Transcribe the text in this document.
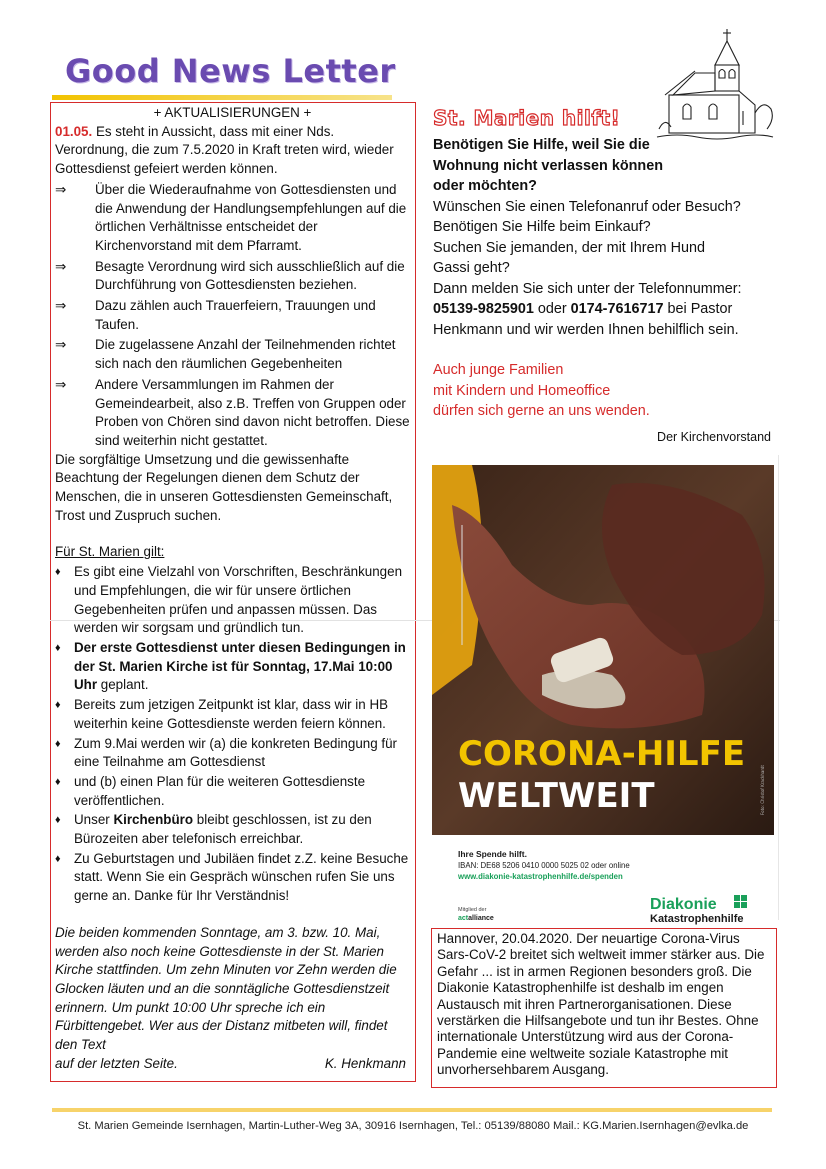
Good News Letter

+ AKTUALISIERUNGEN +

01.05. Es steht in Aussicht, dass mit einer Nds. Verordnung, die zum 7.5.2020 in Kraft treten wird, wieder Gottesdienst gefeiert werden können.

⇒	Über die Wiederaufnahme von Gottesdiensten und die Anwendung der Handlungsempfehlungen auf die örtlichen Verhältnisse entscheidet der Kirchenvorstand mit dem Pfarramt.
⇒	Besagte Verordnung wird sich ausschließlich auf die Durchführung von Gottesdiensten beziehen.
⇒	Dazu zählen auch Trauerfeiern, Trauungen und Taufen.
⇒	Die zugelassene Anzahl der Teilnehmenden richtet sich nach den räumlichen Gegebenheiten
⇒	Andere Versammlungen im Rahmen der Gemeindearbeit, also z.B. Treffen von Gruppen oder Proben von Chören sind davon nicht betroffen. Diese sind weiterhin nicht gestattet.

Die sorgfältige Umsetzung und die gewissenhafte Beachtung der Regelungen dienen dem Schutz der Menschen, die in unseren Gottesdiensten Gemeinschaft, Trost und Zuspruch suchen.

Für St. Marien gilt:

♦ Es gibt eine Vielzahl von Vorschriften, Beschränkungen und Empfehlungen, die wir für unsere örtlichen Gegebenheiten prüfen und anpassen müssen. Das werden wir sorgsam und gründlich tun.
♦ Der erste Gottesdienst unter diesen Bedingungen in der St. Marien Kirche ist für Sonntag, 17.Mai 10:00 Uhr geplant.
♦ Bereits zum jetzigen Zeitpunkt ist klar, dass wir in HB weiterhin keine Gottesdienste werden feiern können.
♦ Zum 9.Mai werden wir (a) die konkreten Bedingung für eine Teilnahme am Gottesdienst
♦ und (b) einen Plan für die weiteren Gottesdienste veröffentlichen.
♦ Unser Kirchenbüro bleibt geschlossen, ist zu den Bürozeiten aber telefonisch erreichbar.
♦ Zu Geburtstagen und Jubiläen findet z.Z. keine Besuche statt. Wenn Sie ein Gespräch wünschen rufen Sie uns gerne an. Danke für Ihr Verständnis!

Die beiden kommenden Sonntage, am 3. bzw. 10. Mai, werden also noch keine Gottesdienste in der St. Marien Kirche stattfinden. Um zehn Minuten vor Zehn werden die Glocken läuten und an die sonntägliche Gottesdienstzeit erinnern. Um punkt 10:00 Uhr spreche ich ein Fürbittengebet. Wer aus der Distanz mitbeten will, findet den Text

auf der letzten Seite.	K. Henkmann
St. Marien hilft!

Benötigen Sie Hilfe, weil Sie die Wohnung nicht verlassen können oder möchten?

Wünschen Sie einen Telefonanruf oder Besuch?

Benötigen Sie Hilfe beim Einkauf?

Suchen Sie jemanden, der mit Ihrem Hund Gassi geht?

Dann melden Sie sich unter der Telefonnummer:

05139-9825901 oder 0174-7616717 bei Pastor Henkmann und wir werden Ihnen behilflich sein.

Auch junge Familien

mit Kindern und Homeoffice

dürfen sich gerne an uns wenden.

Der Kirchenvorstand
CORONA-HILFE
WELTWEIT	Foto: Christof Krackhardt
Ihre Spende hilft.
IBAN: DE68 5206 0410 0000 5025 02 oder online
www.diakonie-katastrophenhilfe.de/spenden
Mitglied der
actalliance
Diakonie
Katastrophenhilfe
Hannover, 20.04.2020. Der neuartige Corona-Virus Sars-CoV-2 breitet sich weltweit immer stärker aus. Die Gefahr ... ist in armen Regionen besonders groß. Die Diakonie Katastrophenhilfe ist deshalb im engen Austausch mit ihren Partnerorganisationen. Diese verstärken die Hilfsangebote und tun ihr Bestes. Ohne internationale Unterstützung wird aus der Corona-Pandemie eine weltweite soziale Katastrophe mit unvorhersehbarem Ausgang.
St. Marien Gemeinde Isernhagen, Martin-Luther-Weg 3A, 30916 Isernhagen, Tel.: 05139/88080 Mail.: KG.Marien.Isernhagen@evlka.de
